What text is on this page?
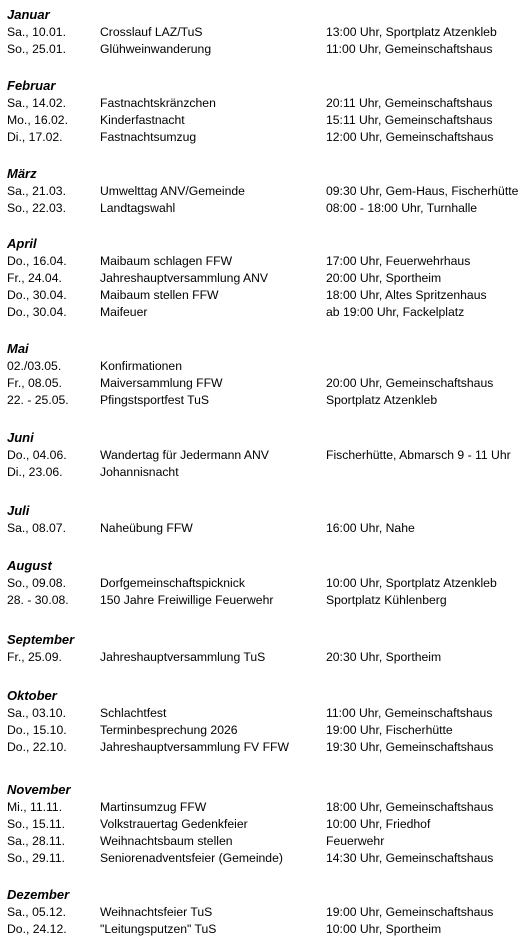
Januar
Sa., 10.01.	Crosslauf LAZ/TuS	13:00 Uhr, Sportplatz Atzenkleb
So., 25.01.	Glühweinwanderung	11:00 Uhr, Gemeinschaftshaus
Februar
Sa., 14.02.	Fastnachtskränzchen	20:11 Uhr, Gemeinschaftshaus
Mo., 16.02.	Kinderfastnacht	15:11 Uhr, Gemeinschaftshaus
Di., 17.02.	Fastnachtsumzug	12:00 Uhr, Gemeinschaftshaus
März
Sa., 21.03.	Umwelttag ANV/Gemeinde	09:30 Uhr, Gem-Haus, Fischerhütte
So., 22.03.	Landtagswahl	08:00 - 18:00 Uhr, Turnhalle
April
Do., 16.04.	Maibaum schlagen FFW	17:00 Uhr, Feuerwehrhaus
Fr., 24.04.	Jahreshauptversammlung ANV	20:00 Uhr, Sportheim
Do., 30.04.	Maibaum stellen FFW	18:00 Uhr, Altes Spritzenhaus
Do., 30.04.	Maifeuer	ab 19:00 Uhr, Fackelplatz
Mai
02./03.05.	Konfirmationen
Fr., 08.05.	Maiversammlung FFW	20:00 Uhr, Gemeinschaftshaus
22. - 25.05.	Pfingstsportfest TuS	Sportplatz Atzenkleb
Juni
Do., 04.06.	Wandertag für Jedermann ANV	Fischerhütte, Abmarsch 9 - 11 Uhr
Di., 23.06.	Johannisnacht
Juli
Sa., 08.07.	Naheübung FFW	16:00 Uhr, Nahe
August
So., 09.08.	Dorfgemeinschaftspicknick	10:00 Uhr, Sportplatz Atzenkleb
28. - 30.08.	150 Jahre Freiwillige Feuerwehr	Sportplatz Kühlenberg
September
Fr., 25.09.	Jahreshauptversammlung TuS	20:30 Uhr, Sportheim
Oktober
Sa., 03.10.	Schlachtfest	11:00 Uhr, Gemeinschaftshaus
Do., 15.10.	Terminbesprechung 2026	19:00 Uhr, Fischerhütte
Do., 22.10.	Jahreshauptversammlung FV FFW	19:30 Uhr, Gemeinschaftshaus
November
Mi., 11.11.	Martinsumzug FFW	18:00 Uhr, Gemeinschaftshaus
So., 15.11.	Volkstrauertag Gedenkfeier	10:00 Uhr, Friedhof
Sa., 28.11.	Weihnachtsbaum stellen	Feuerwehr
So., 29.11.	Seniorenadventsfeier (Gemeinde)	14:30 Uhr, Gemeinschaftshaus
Dezember
Sa., 05.12.	Weihnachtsfeier TuS	19:00 Uhr, Gemeinschaftshaus
Do., 24.12.	"Leitungsputzen" TuS	10:00 Uhr, Sportheim
